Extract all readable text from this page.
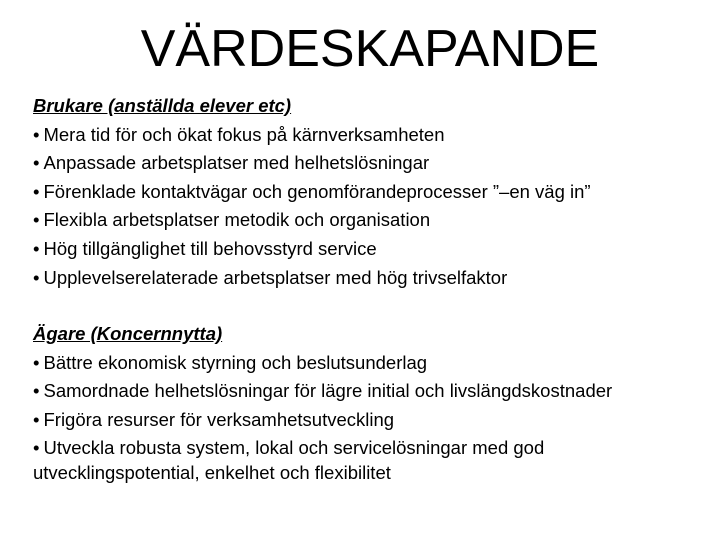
VÄRDESKAPANDE

Brukare (anställda elever etc)

• Mera tid för och ökat fokus på kärnverksamheten
• Anpassade arbetsplatser med helhetslösningar
• Förenklade kontaktvägar och genomförandeprocesser ”–en väg in”
• Flexibla arbetsplatser metodik och organisation
• Hög tillgänglighet till behovsstyrd service
• Upplevelserelaterade arbetsplatser med hög trivselfaktor

Ägare (Koncernnytta)

• Bättre ekonomisk styrning och beslutsunderlag
• Samordnade helhetslösningar för lägre initial och livslängdskostnader
• Frigöra resurser för verksamhetsutveckling
• Utveckla robusta system, lokal och servicelösningar med god utvecklingspotential, enkelhet och flexibilitet
